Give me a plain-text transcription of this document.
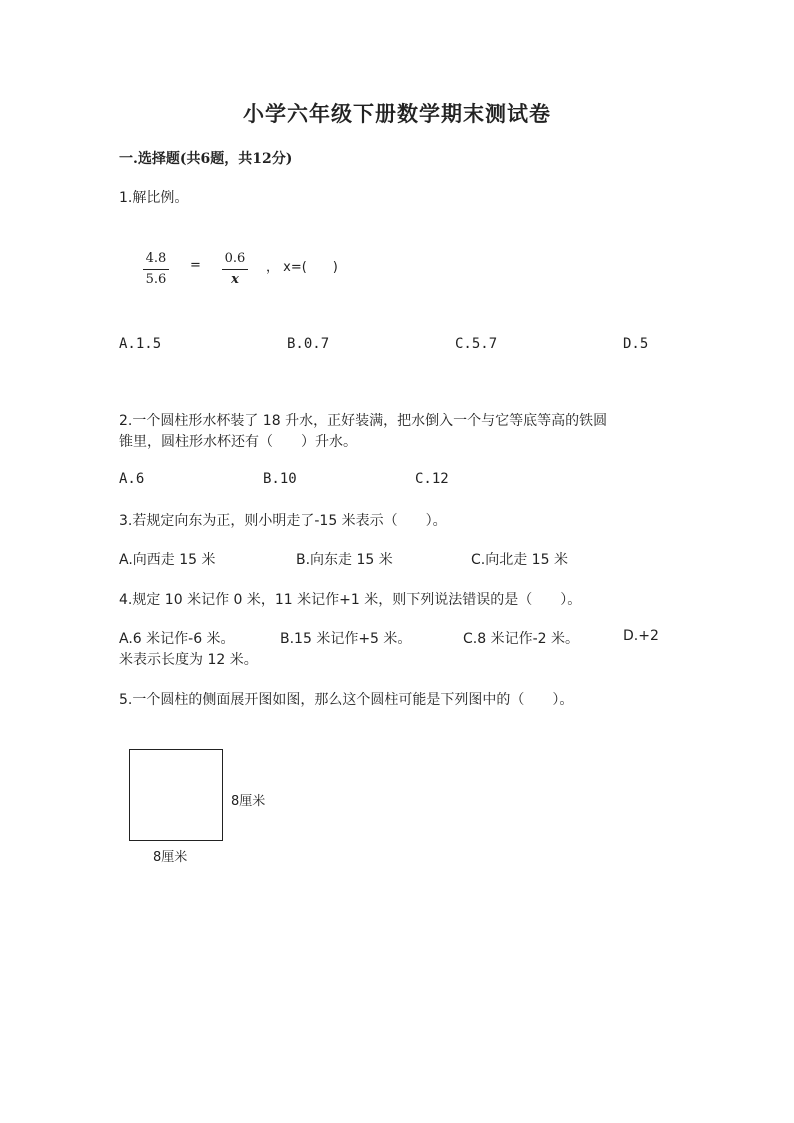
小学六年级下册数学期末测试卷
一.选择题(共6题，共12分)
1.解比例。
4.8
5.6
= 0.6
x
， x=(　　)
A.1.5	B.0.7	C.5.7	D.5
2.一个圆柱形水杯装了 18 升水，正好装满，把水倒入一个与它等底等高的铁圆
锥里，圆柱形水杯还有（　　）升水。
A.6	B.10	C.12
3.若规定向东为正，则小明走了-15 米表示（　　）。
A.向西走 15 米	B.向东走 15 米	C.向北走 15 米
4.规定 10 米记作 0 米，11 米记作+1 米，则下列说法错误的是（　　）。
A.6 米记作-6 米。	B.15 米记作+5 米。	C.8 米记作-2 米。	D.+2
米表示长度为 12 米。
5.一个圆柱的侧面展开图如图，那么这个圆柱可能是下列图中的（　　）。
8厘米
8厘米
